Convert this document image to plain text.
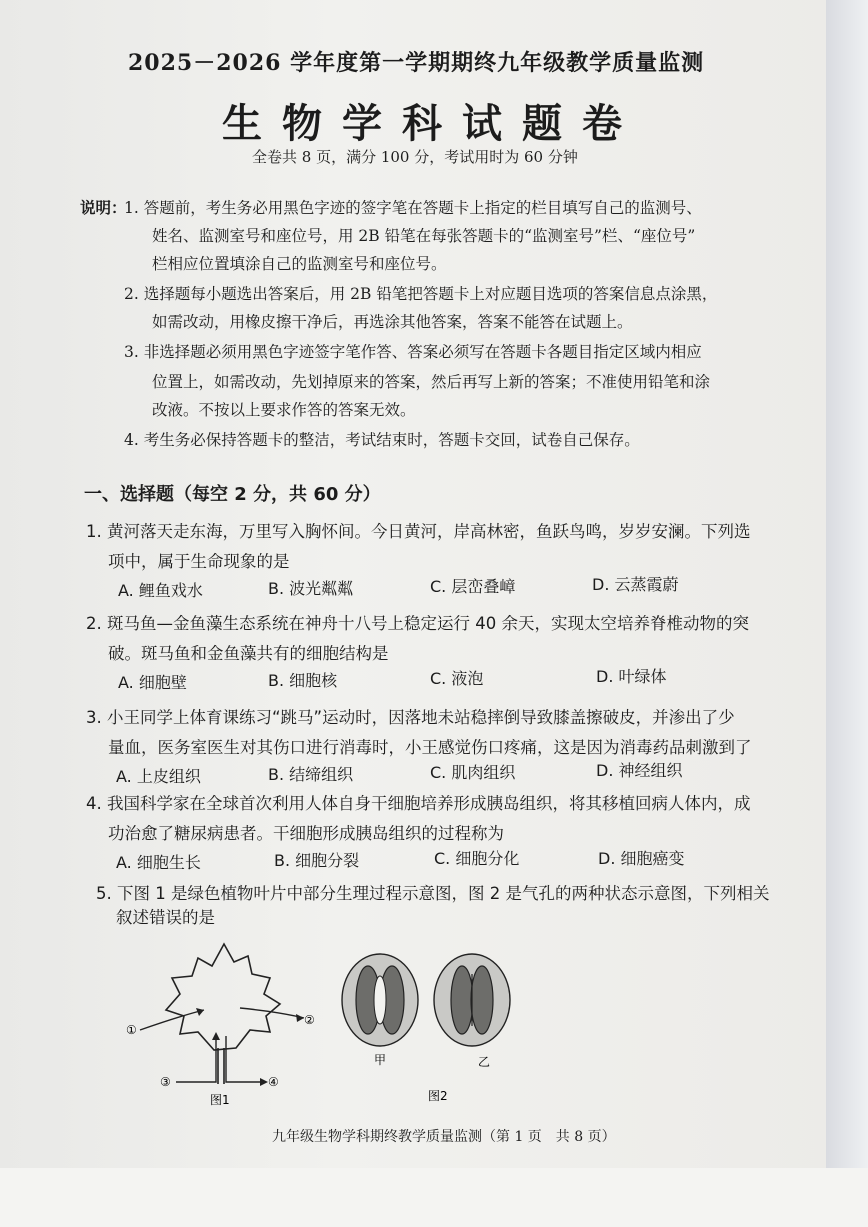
2025－2026 学年度第一学期期终九年级教学质量监测
生物学科试题卷
全卷共 8 页，满分 100 分，考试用时为 60 分钟
说明：
1. 答题前，考生务必用黑色字迹的签字笔在答题卡上指定的栏目填写自己的监测号、
姓名、监测室号和座位号，用 2B 铅笔在每张答题卡的“监测室号”栏、“座位号”
栏相应位置填涂自己的监测室号和座位号。
2. 选择题每小题选出答案后，用 2B 铅笔把答题卡上对应题目选项的答案信息点涂黑，
如需改动，用橡皮擦干净后，再选涂其他答案，答案不能答在试题上。
3. 非选择题必须用黑色字迹签字笔作答、答案必须写在答题卡各题目指定区域内相应
位置上，如需改动，先划掉原来的答案，然后再写上新的答案；不准使用铅笔和涂
改液。不按以上要求作答的答案无效。
4. 考生务必保持答题卡的整洁，考试结束时，答题卡交回，试卷自己保存。
一、选择题（每空 2 分，共 60 分）
1. 黄河落天走东海，万里写入胸怀间。今日黄河，岸高林密，鱼跃鸟鸣，岁岁安澜。下列选
项中，属于生命现象的是
A. 鲤鱼戏水	B. 波光粼粼	C. 层峦叠嶂	D. 云蒸霞蔚
2. 斑马鱼—金鱼藻生态系统在神舟十八号上稳定运行 40 余天，实现太空培养脊椎动物的突
破。斑马鱼和金鱼藻共有的细胞结构是
A. 细胞壁	B. 细胞核	C. 液泡	D. 叶绿体
3. 小王同学上体育课练习“跳马”运动时，因落地未站稳摔倒导致膝盖擦破皮，并渗出了少
量血，医务室医生对其伤口进行消毒时，小王感觉伤口疼痛，这是因为消毒药品刺激到了
A. 上皮组织	B. 结缔组织	C. 肌肉组织	D. 神经组织
4. 我国科学家在全球首次利用人体自身干细胞培养形成胰岛组织，将其移植回病人体内，成
功治愈了糖尿病患者。干细胞形成胰岛组织的过程称为
A. 细胞生长	B. 细胞分裂	C. 细胞分化	D. 细胞癌变
5. 下图 1 是绿色植物叶片中部分生理过程示意图，图 2 是气孔的两种状态示意图，下列相关
叙述错误的是
①
②
③	④
图1
甲	乙
图2
九年级生物学科期终教学质量监测（第 1 页　共 8 页）
